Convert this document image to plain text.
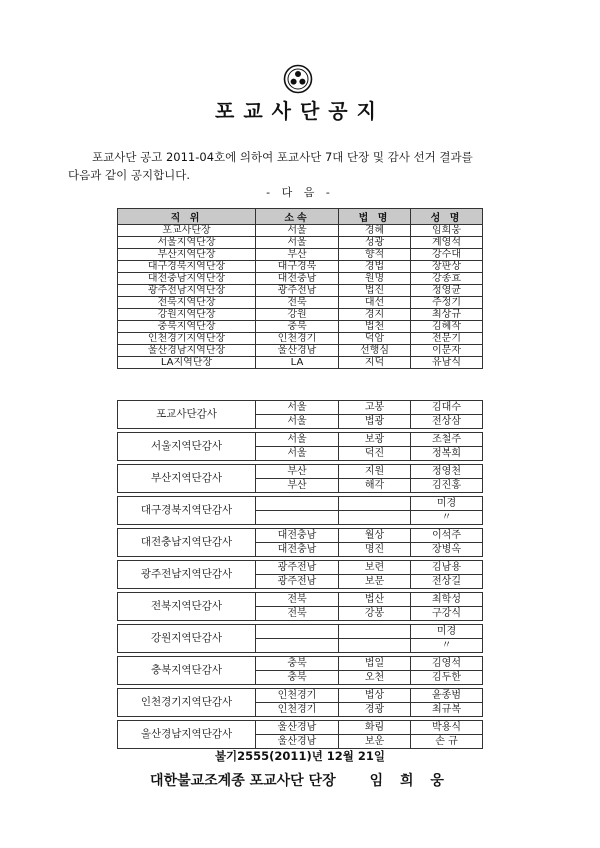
포교사단공지
포교사단 공고 2011-04호에 의하여 포교사단 7대 단장 및 감사 선거 결과를
다음과 같이 공지합니다.
- 다 음 -
직 위	소속	법 명	성 명
포교사단장	서울	경혜	임희웅
서울지역단장	서울	성광	계영석
부산지역단장	부산	향적	강수대
대구경북지역단장	대구경북	경법	장판상
대전충남지역단장	대전충남	원명	강종효
광주전남지역단장	광주전남	법진	정영균
전북지역단장	전북	대선	주정기
강원지역단장	강원	경지	최상규
충북지역단장	충북	법천	김혜작
인천경기지역단장	인천경기	덕암	전문기
울산경남지역단장	울산경남	선행심	이문자
LA지역단장	LA	지덕	유남식
포교사단감사	서울	고봉	김대수
	서울	법광	전상삼

서울지역단감사	서울	보광	조철주
	서울	덕진	정복희

부산지역단감사	부산	지원	정영천
	부산	해각	김진홍

대구경북지역단감사			미경
			〃

대전충남지역단감사	대전충남	월상	이석주
	대전충남	명진	장병옥

광주전남지역단감사	광주전남	보련	김남용
	광주전남	보문	전상길

전북지역단감사	전북	법산	최학성
	전북	강봉	구강식

강원지역단감사			미경
			〃

충북지역단감사	충북	법일	김영석
	충북	오천	김두한

인천경기지역단감사	인천경기	법상	윤종범
	인천경기	경광	최규복

울산경남지역단감사	울산경남	화림	박용식
	울산경남	보운	손 규
불기2555(2011)년 12월 21일
대한불교조계종 포교사단 단장 임 희 웅
